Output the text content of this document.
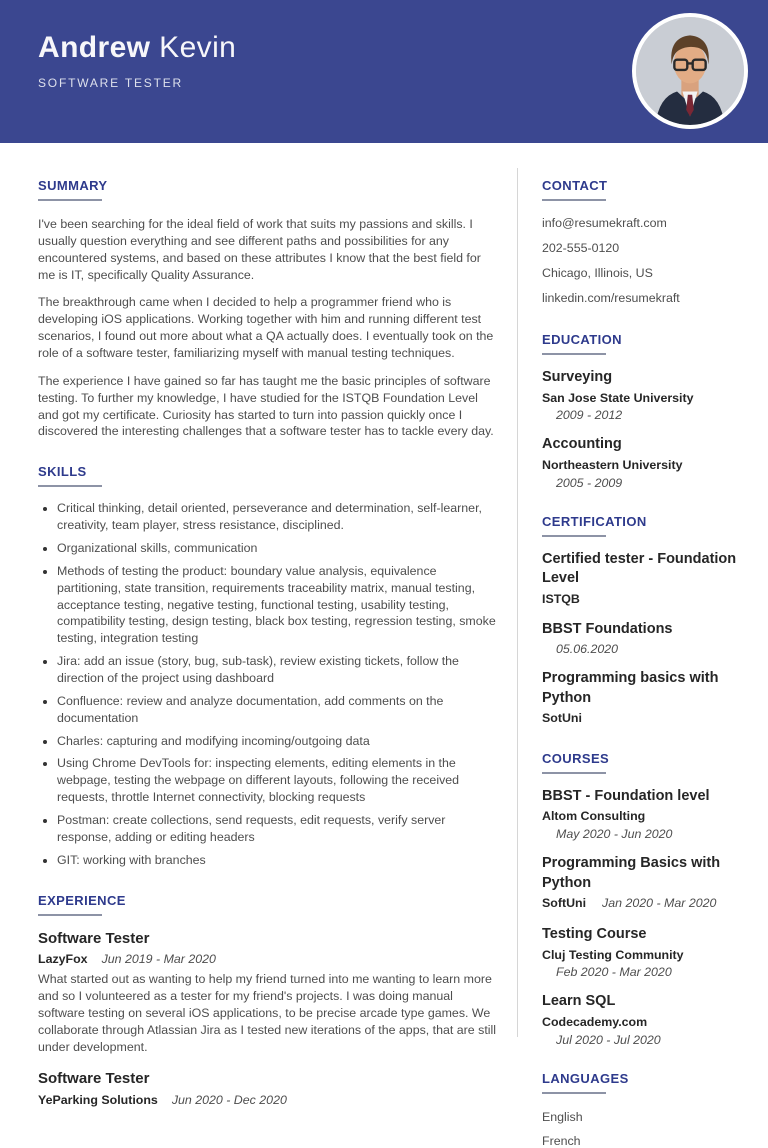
Andrew Kevin
SOFTWARE TESTER
SUMMARY

I've been searching for the ideal field of work that suits my passions and skills. I usually question everything and see different paths and possibilities for any encountered systems, and based on these attributes I know that the best field for me is IT, specifically Quality Assurance.

The breakthrough came when I decided to help a programmer friend who is developing iOS applications. Working together with him and running different test scenarios, I found out more about what a QA actually does. I eventually took on the role of a software tester, familiarizing myself with manual testing techniques.

The experience I have gained so far has taught me the basic principles of software testing. To further my knowledge, I have studied for the ISTQB Foundation Level and got my certificate. Curiosity has started to turn into passion quickly once I discovered the interesting challenges that a software tester has to tackle every day.

SKILLS
• Critical thinking, detail oriented, perseverance and determination, self-learner, creativity, team player, stress resistance, disciplined.
• Organizational skills, communication
• Methods of testing the product: boundary value analysis, equivalence partitioning, state transition, requirements traceability matrix, manual testing, acceptance testing, negative testing, functional testing, usability testing, compatibility testing, design testing, black box testing, regression testing, smoke testing, integration testing
• Jira: add an issue (story, bug, sub-task), review existing tickets, follow the direction of the project using dashboard
• Confluence: review and analyze documentation, add comments on the documentation
• Charles: capturing and modifying incoming/outgoing data
• Using Chrome DevTools for: inspecting elements, editing elements in the webpage, testing the webpage on different layouts, following the received requests, throttle Internet connectivity, blocking requests
• Postman: create collections, send requests, edit requests, verify server response, adding or editing headers
• GIT: working with branches
EXPERIENCE
Software Tester
LazyFox Jun 2019 - Mar 2020

What started out as wanting to help my friend turned into me wanting to learn more and so I volunteered as a tester for my friend's projects. I was doing manual software testing on several iOS applications, to be precise arcade type games. We collaborate through Atlassian Jira as I tested new iterations of the apps, that are still under development.

Software Tester
YeParking Solutions Jun 2020 - Dec 2020
CONTACT
info@resumekraft.com
202-555-0120
Chicago, Illinois, US
linkedin.com/resumekraft
EDUCATION
Surveying
San Jose State University
2009 - 2012
Accounting
Northeastern University
2005 - 2009
CERTIFICATION
Certified tester - Foundation Level
ISTQB
BBST Foundations
05.06.2020
Programming basics with Python
SotUni
COURSES
BBST - Foundation level
Altom Consulting
May 2020 - Jun 2020
Programming Basics with Python
SoftUni Jan 2020 - Mar 2020
Testing Course
Cluj Testing Community
Feb 2020 - Mar 2020
Learn SQL
Codecademy.com
Jul 2020 - Jul 2020
LANGUAGES
English
French
